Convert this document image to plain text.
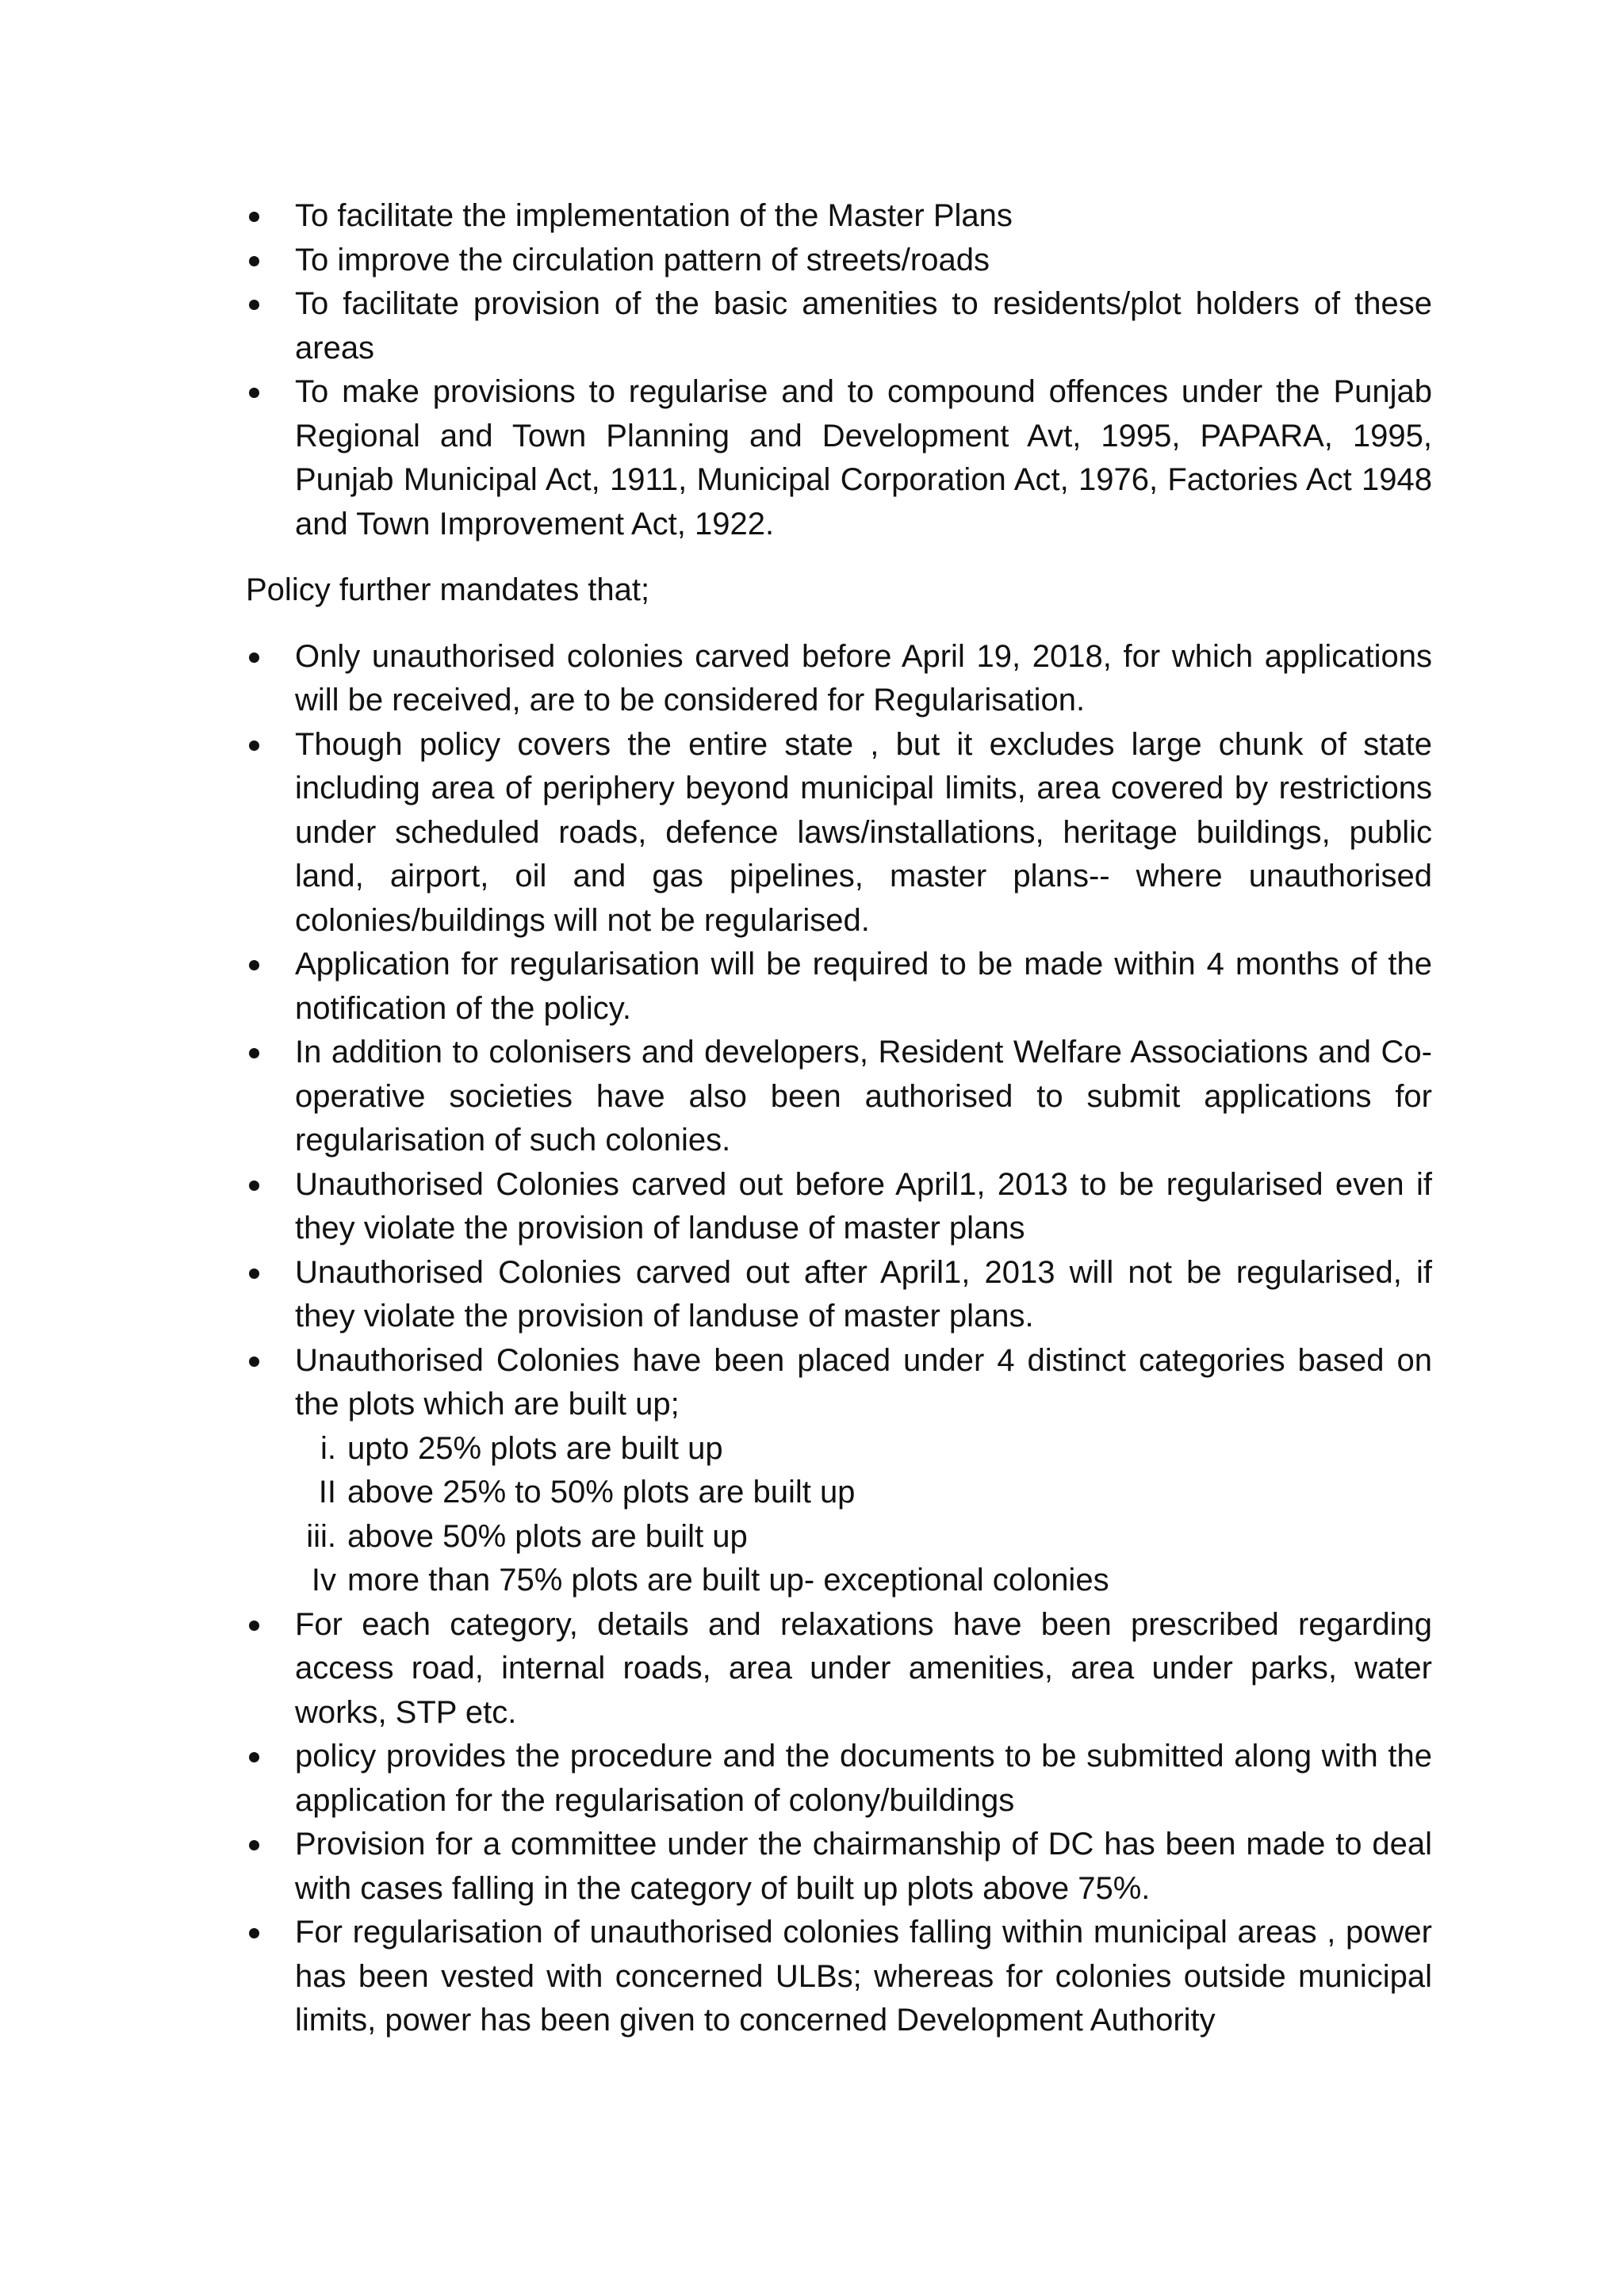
To facilitate the implementation of the Master Plans
To improve the circulation pattern of streets/roads
To facilitate provision of the basic amenities to residents/plot holders of these areas
To make provisions to regularise and to compound offences under the Punjab Regional and Town Planning and Development Avt, 1995, PAPARA, 1995, Punjab Municipal Act, 1911, Municipal Corporation Act, 1976, Factories Act 1948 and Town Improvement Act, 1922.

Policy further mandates that;

Only unauthorised colonies carved before April 19, 2018, for which applications will be received, are to be considered for Regularisation.
Though policy covers the entire state , but it excludes large chunk of state including area of periphery beyond municipal limits, area covered by restrictions under scheduled roads, defence laws/installations, heritage buildings, public land, airport, oil and gas pipelines, master plans-- where unauthorised colonies/buildings will not be regularised.
Application for regularisation will be required to be made within 4 months of the notification of the policy.
In addition to colonisers and developers, Resident Welfare Associations and Co-operative societies have also been authorised to submit applications for regularisation of such colonies.
Unauthorised Colonies carved out before April1, 2013 to be regularised even if they violate the provision of landuse of master plans
Unauthorised Colonies carved out after April1, 2013 will not be regularised, if they violate the provision of landuse of master plans.
Unauthorised Colonies have been placed under 4 distinct categories based on the plots which are built up;
i. upto 25% plots are built up
II above 25% to 50% plots are built up
iii. above 50% plots are built up
Iv more than 75% plots are built up- exceptional colonies
For each category, details and relaxations have been prescribed regarding access road, internal roads, area under amenities, area under parks, water works, STP etc.
policy provides the procedure and the documents to be submitted along with the application for the regularisation of colony/buildings
Provision for a committee under the chairmanship of DC has been made to deal with cases falling in the category of built up plots above 75%.
For regularisation of unauthorised colonies falling within municipal areas , power has been vested with concerned ULBs; whereas for colonies outside municipal limits, power has been given to concerned Development Authority
